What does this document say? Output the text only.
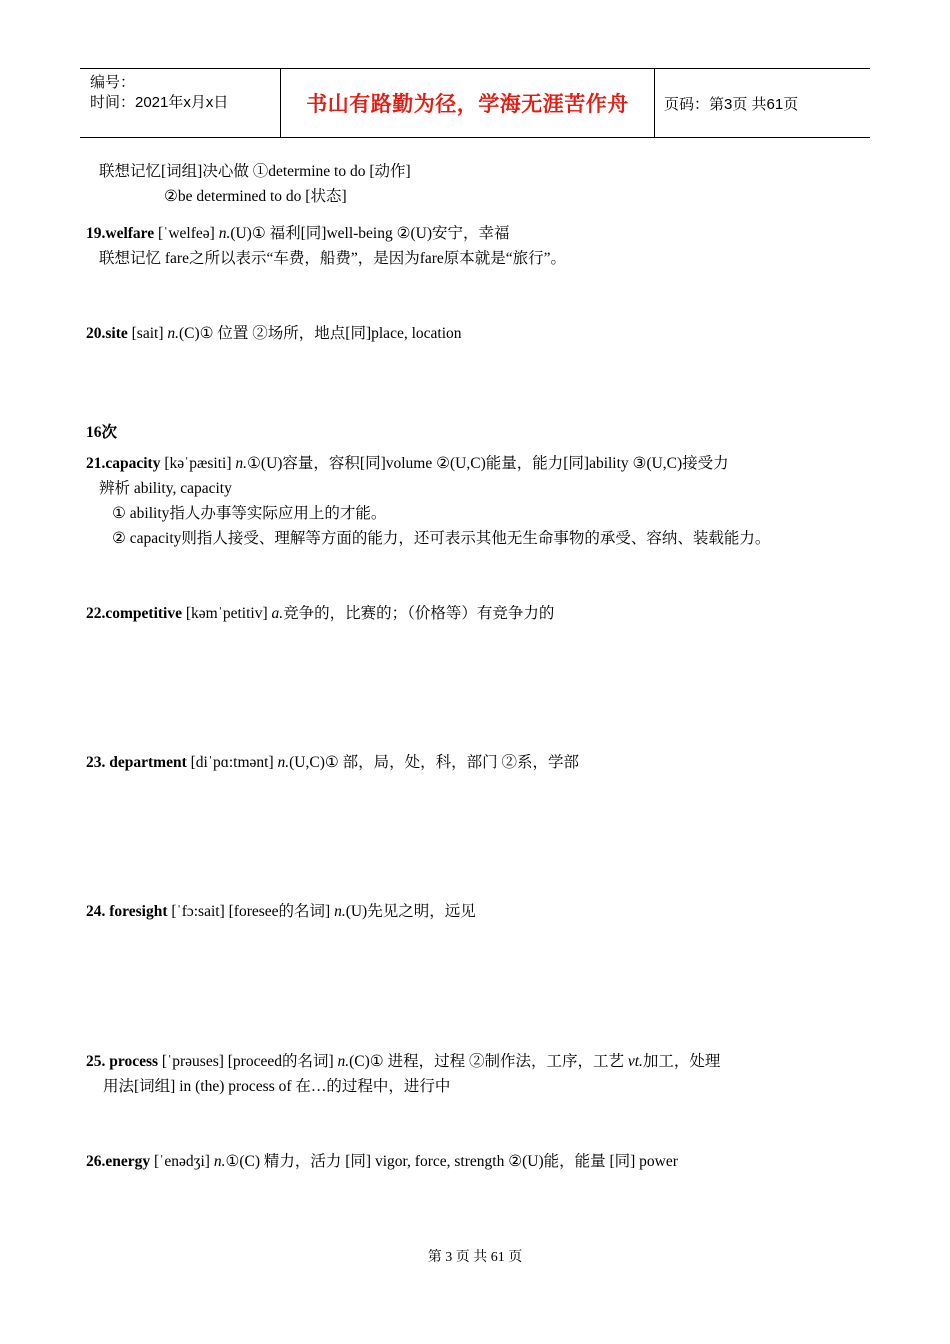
编号：
时间：2021年x月x日	书山有路勤为径，学海无涯苦作舟 页码：第3页 共61页
联想记忆[词组]决心做 ①determine to do [动作]
②be determined to do [状态]
19.welfare [ˈwelfeə] n.(U)① 福利[同]well-being ②(U)安宁，幸福
联想记忆 fare之所以表示“车费，船费”，是因为fare原本就是“旅行”。
20.site [sait] n.(C)① 位置 ②场所，地点[同]place, location
16次
21.capacity [kəˈpæsiti] n.①(U)容量，容积[同]volume ②(U,C)能量，能力[同]ability ③(U,C)接受力
辨析 ability, capacity
① ability指人办事等实际应用上的才能。
② capacity则指人接受、理解等方面的能力，还可表示其他无生命事物的承受、容纳、装载能力。
22.competitive [kəmˈpetitiv] a.竞争的，比赛的；（价格等）有竞争力的
23. department [diˈpɑ:tmənt] n.(U,C)① 部，局，处，科，部门 ②系，学部
24. foresight [ˈfɔ:sait] [foresee的名词] n.(U)先见之明，远见
25. process [ˈprəuses] [proceed的名词] n.(C)① 进程，过程 ②制作法，工序，工艺 vt.加工，处理
用法[词组] in (the) process of 在…的过程中，进行中
26.energy [ˈenədʒi] n.①(C) 精力，活力 [同] vigor, force, strength ②(U)能，能量 [同] power
第 3 页 共 61 页
